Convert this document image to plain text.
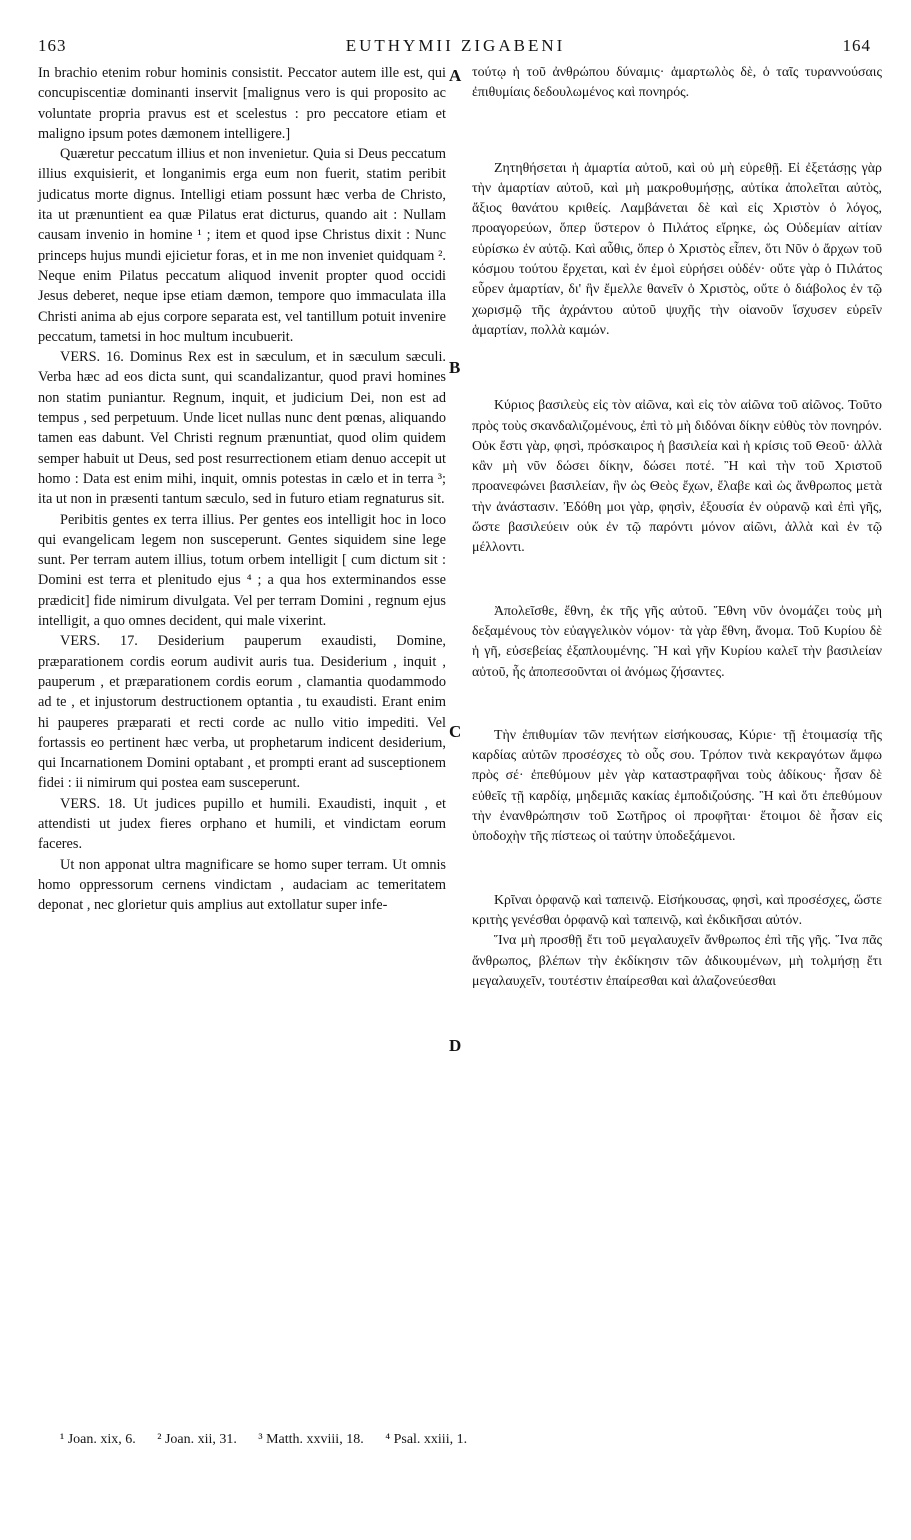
163	EUTHYMII ZIGABENI	164

In brachio etenim robur hominis consistit. Peccator autem ille est, qui concupiscentiæ dominanti inservit [malignus vero is qui proposito ac voluntate propria pravus est et scelestus : pro peccatore etiam et maligno ipsum potes dæmonem intelligere.]

Quæretur peccatum illius et non invenietur. Quia si Deus peccatum illius exquisierit, et longanimis erga eum non fuerit, statim peribit judicatus morte dignus. Intelligi etiam possunt hæc verba de Christo, ita ut prænuntient ea quæ Pilatus erat dicturus, quando ait : Nullam causam invenio in homine ¹ ; item et quod ipse Christus dixit : Nunc princeps hujus mundi ejicietur foras, et in me non inveniet quidquam ². Neque enim Pilatus peccatum aliquod invenit propter quod occidi Jesus deberet, neque ipse etiam dæmon, tempore quo immaculata illa Christi anima ab ejus corpore separata est, vel tantillum potuit invenire peccatum, tametsi in hoc multum incubuerit.

VERS. 16. Dominus Rex est in sæculum, et in sæculum sæculi. Verba hæc ad eos dicta sunt, qui scandalizantur, quod pravi homines non statim puniantur. Regnum, inquit, et judicium Dei, non est ad tempus , sed perpetuum. Unde licet nullas nunc dent pœnas, aliquando tamen eas dabunt. Vel Christi regnum prænuntiat, quod olim quidem semper habuit ut Deus, sed post resurrectionem etiam denuo accepit ut homo : Data est enim mihi, inquit, omnis potestas in cælo et in terra ³; ita ut non in præsenti tantum sæculo, sed in futuro etiam regnaturus sit.

Peribitis gentes ex terra illius. Per gentes eos intelligit hoc in loco qui evangelicam legem non susceperunt. Gentes siquidem sine lege sunt. Per terram autem illius, totum orbem intelligit [ cum dictum sit : Domini est terra et plenitudo ejus ⁴ ; a qua hos exterminandos esse prædicit] fide nimirum divulgata. Vel per terram Domini , regnum ejus intelligit, a quo omnes decident, qui male vixerint.

VERS. 17. Desiderium pauperum exaudisti, Domine, præparationem cordis eorum audivit auris tua. Desiderium , inquit , pauperum , et præparationem cordis eorum , clamantia quodammodo ad te , et injustorum destructionem optantia , tu exaudisti. Erant enim hi pauperes præparati et recti corde ac nullo vitio impediti. Vel fortassis eo pertinent hæc verba, ut prophetarum indicent desiderium, qui Incarnationem Domini optabant , et prompti erant ad susceptionem fidei : ii nimirum qui postea eam susceperunt.

VERS. 18. Ut judices pupillo et humili. Exaudisti, inquit , et attendisti ut judex fieres orphano et humili, et vindictam eorum faceres.

Ut non apponat ultra magnificare se homo super terram. Ut omnis homo oppressorum cernens vindictam , audaciam ac temeritatem deponat , nec glorietur quis amplius aut extollatur super infe-

A
B
C
D

τούτῳ ἡ τοῦ ἀνθρώπου δύναμις· ἁμαρτωλὸς δὲ, ὁ ταῖς τυραννούσαις ἐπιθυμίαις δεδουλωμένος καὶ πονηρός.

Ζητηθήσεται ἡ ἁμαρτία αὐτοῦ, καὶ οὐ μὴ εὑρεθῇ. Εἰ ἐξετάσῃς γὰρ τὴν ἁμαρτίαν αὐτοῦ, καὶ μὴ μακροθυμήσῃς, αὐτίκα ἀπολεῖται αὐτὸς, ἄξιος θανάτου κριθείς. Λαμβάνεται δὲ καὶ εἰς Χριστὸν ὁ λόγος, προαγορεύων, ὅπερ ὕστερον ὁ Πιλάτος εἴρηκε, ὡς Οὐδεμίαν αἰτίαν εὑρίσκω ἐν αὐτῷ. Καὶ αὖθις, ὅπερ ὁ Χριστὸς εἶπεν, ὅτι Νῦν ὁ ἄρχων τοῦ κόσμου τούτου ἔρχεται, καὶ ἐν ἐμοὶ εὑρήσει οὐδέν· οὔτε γὰρ ὁ Πιλάτος εὗρεν ἁμαρτίαν, δι' ἣν ἔμελλε θανεῖν ὁ Χριστὸς, οὔτε ὁ διάβολος ἐν τῷ χωρισμῷ τῆς ἀχράντου αὐτοῦ ψυχῆς τὴν οἱανοῦν ἴσχυσεν εὑρεῖν ἁμαρτίαν, πολλὰ καμών.

Κύριος βασιλεὺς εἰς τὸν αἰῶνα, καὶ εἰς τὸν αἰῶνα τοῦ αἰῶνος. Τοῦτο πρὸς τοὺς σκανδαλιζομένους, ἐπὶ τὸ μὴ διδόναι δίκην εὐθὺς τὸν πονηρόν. Οὐκ ἔστι γὰρ, φησὶ, πρόσκαιρος ἡ βασιλεία καὶ ἡ κρίσις τοῦ Θεοῦ· ἀλλὰ κἂν μὴ νῦν δώσει δίκην, δώσει ποτέ. Ἢ καὶ τὴν τοῦ Χριστοῦ προανεφώνει βασιλείαν, ἣν ὡς Θεὸς ἔχων, ἔλαβε καὶ ὡς ἄνθρωπος μετὰ τὴν ἀνάστασιν. Ἐδόθη μοι γὰρ, φησὶν, ἐξουσία ἐν οὐρανῷ καὶ ἐπὶ γῆς, ὥστε βασιλεύειν οὐκ ἐν τῷ παρόντι μόνον αἰῶνι, ἀλλὰ καὶ ἐν τῷ μέλλοντι.

Ἀπολεῖσθε, ἔθνη, ἐκ τῆς γῆς αὐτοῦ. Ἔθνη νῦν ὀνομάζει τοὺς μὴ δεξαμένους τὸν εὐαγγελικὸν νόμον· τὰ γὰρ ἔθνη, ἄνομα. Τοῦ Κυρίου δὲ ἡ γῆ, εὐσεβείας ἐξαπλουμένης. Ἢ καὶ γῆν Κυρίου καλεῖ τὴν βασιλείαν αὐτοῦ, ἧς ἀποπεσοῦνται οἱ ἀνόμως ζήσαντες.

Τὴν ἐπιθυμίαν τῶν πενήτων εἰσήκουσας, Κύριε· τῇ ἑτοιμασίᾳ τῆς καρδίας αὐτῶν προσέσχες τὸ οὖς σου. Τρόπον τινὰ κεκραγότων ἄμφω πρὸς σέ· ἐπεθύμουν μὲν γὰρ καταστραφῆναι τοὺς ἀδίκους· ἦσαν δὲ εὐθεῖς τῇ καρδίᾳ, μηδεμιᾶς κακίας ἐμποδιζούσης. Ἢ καὶ ὅτι ἐπεθύμουν τὴν ἐνανθρώπησιν τοῦ Σωτῆρος οἱ προφῆται· ἕτοιμοι δὲ ἦσαν εἰς ὑποδοχὴν τῆς πίστεως οἱ ταύτην ὑποδεξάμενοι.

Κρῖναι ὀρφανῷ καὶ ταπεινῷ. Εἰσήκουσας, φησὶ, καὶ προσέσχες, ὥστε κριτὴς γενέσθαι ὀρφανῷ καὶ ταπεινῷ, καὶ ἐκδικῆσαι αὐτόν.

Ἵνα μὴ προσθῇ ἔτι τοῦ μεγαλαυχεῖν ἄνθρωπος ἐπὶ τῆς γῆς. Ἵνα πᾶς ἄνθρωπος, βλέπων τὴν ἐκδίκησιν τῶν ἀδικουμένων, μὴ τολμήσῃ ἔτι μεγαλαυχεῖν, τουτέστιν ἐπαίρεσθαι καὶ ἀλαζονεύεσθαι

¹ Joan. xix, 6. ² Joan. xii, 31. ³ Matth. xxviii, 18. ⁴ Psal. xxiii, 1.
